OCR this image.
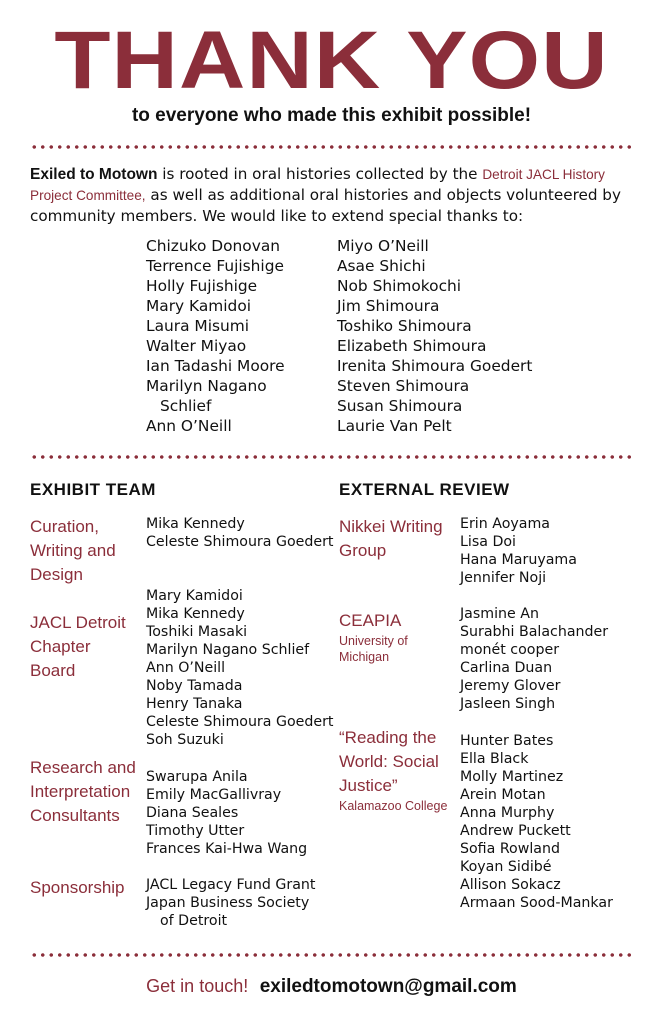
THANK YOU
to everyone who made this exhibit possible!
Exiled to Motown is rooted in oral histories collected by the Detroit JACL History Project Committee, as well as additional oral histories and objects volunteered by community members. We would like to extend special thanks to:
Chizuko Donovan
Terrence Fujishige
Holly Fujishige
Mary Kamidoi
Laura Misumi
Walter Miyao
Ian Tadashi Moore
Marilyn Nagano
Schlief
Ann O’Neill
Miyo O’Neill
Asae Shichi
Nob Shimokochi
Jim Shimoura
Toshiko Shimoura
Elizabeth Shimoura
Irenita Shimoura Goedert
Steven Shimoura
Susan Shimoura
Laurie Van Pelt
EXHIBIT TEAM
Curation,
Writing and
Design
Mika Kennedy
Celeste Shimoura Goedert
JACL Detroit
Chapter Board
Mary Kamidoi
Mika Kennedy
Toshiki Masaki
Marilyn Nagano Schlief
Ann O’Neill
Noby Tamada
Henry Tanaka
Celeste Shimoura Goedert
Soh Suzuki
Research and
Interpretation
Consultants
Swarupa Anila
Emily MacGallivray
Diana Seales
Timothy Utter
Frances Kai-Hwa Wang
Sponsorship	JACL Legacy Fund Grant
Japan Business Society
of Detroit
EXTERNAL REVIEW
Nikkei Writing
Group
Erin Aoyama
Lisa Doi
Hana Maruyama
Jennifer Noji
CEAPIA
University of Michigan
Jasmine An
Surabhi Balachander
monét cooper
Carlina Duan
Jeremy Glover
Jasleen Singh
“Reading the
World: Social
Justice”
Kalamazoo College
Hunter Bates
Ella Black
Molly Martinez
Arein Motan
Anna Murphy
Andrew Puckett
Sofia Rowland
Koyan Sidibé
Allison Sokacz
Armaan Sood-Mankar
Get in touch! exiledtomotown@gmail.com
